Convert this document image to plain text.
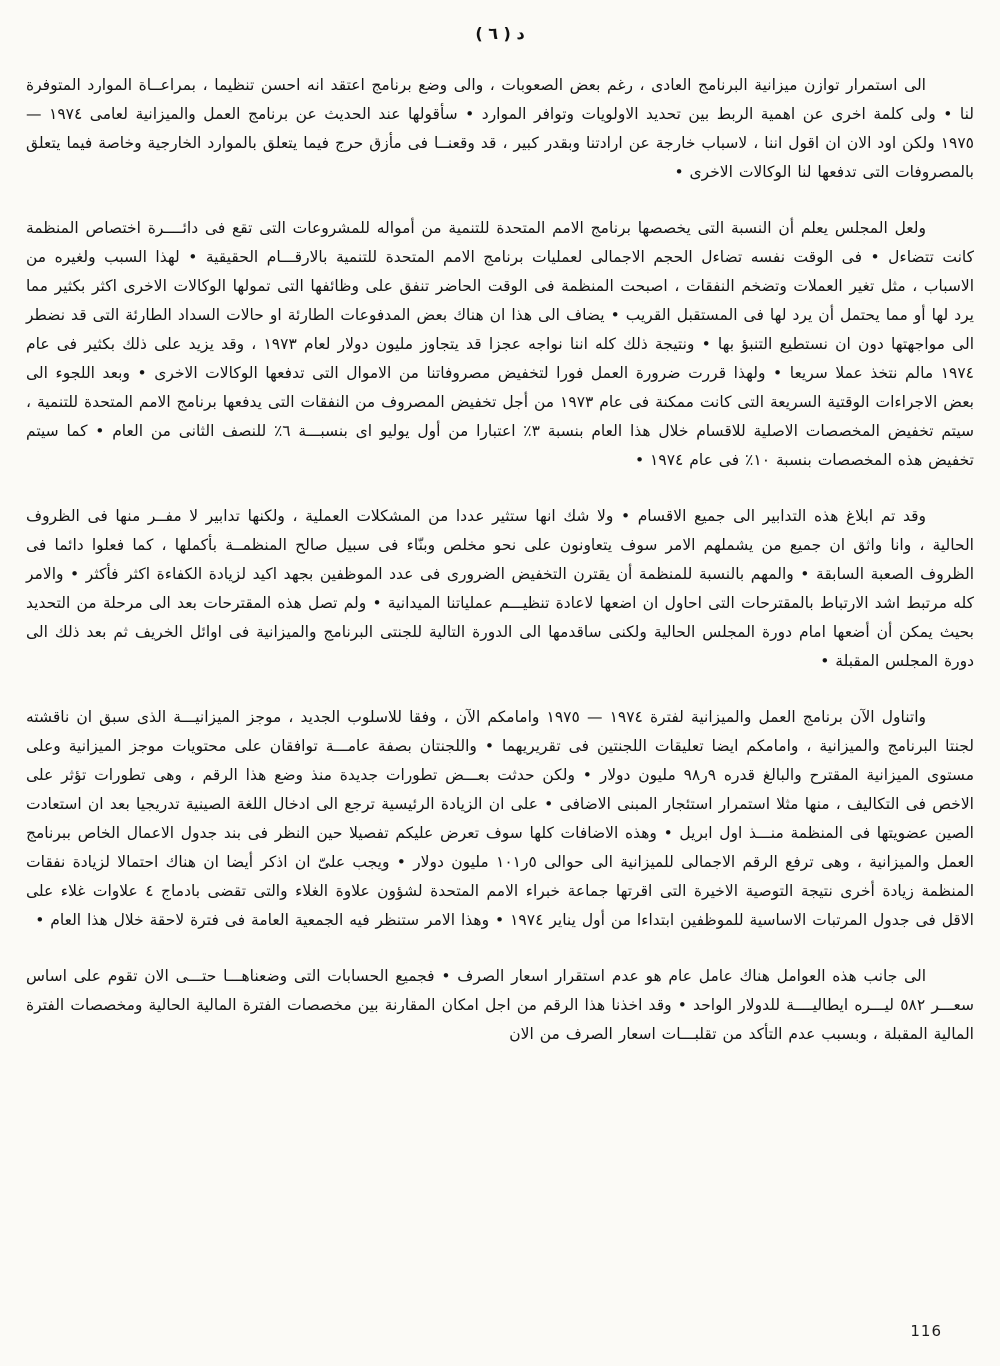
د ( ٦ )

الى استمرار توازن ميزانية البرنامج العادى ، رغم بعض الصعوبات ، والى وضع برنامج اعتقد انه احسن تنظيما ، بمراعــاة الموارد المتوفرة لنا • ولى كلمة اخرى عن اهمية الربط بين تحديد الاولويات وتوافر الموارد • سأقولها عند الحديث عن برنامج العمل والميزانية لعامى ١٩٧٤ — ١٩٧٥ ولكن اود الان ان اقول اننا ، لاسباب خارجة عن ارادتنا وبقدر كبير ، قد وقعنــا فى مأزق حرج فيما يتعلق بالموارد الخارجية وخاصة فيما يتعلق بالمصروفات التى تدفعها لنا الوكالات الاخرى •

ولعل المجلس يعلم أن النسبة التى يخصصها برنامج الامم المتحدة للتنمية من أمواله للمشروعات التى تقع فى دائــــرة اختصاص المنظمة كانت تتضاءل • فى الوقت نفسه تضاءل الحجم الاجمالى لعمليات برنامج الامم المتحدة للتنمية بالارقـــام الحقيقية • لهذا السبب ولغيره من الاسباب ، مثل تغير العملات وتضخم النفقات ، اصبحت المنظمة فى الوقت الحاضر تنفق على وظائفها التى تمولها الوكالات الاخرى اكثر بكثير مما يرد لها أو مما يحتمل أن يرد لها فى المستقبل القريب • يضاف الى هذا ان هناك بعض المدفوعات الطارئة او حالات السداد الطارئة التى قد نضطر الى مواجهتها دون ان نستطيع التنبؤ بها • ونتيجة ذلك كله اننا نواجه عجزا قد يتجاوز مليون دولار لعام ١٩٧٣ ، وقد يزيد على ذلك بكثير فى عام ١٩٧٤ مالم نتخذ عملا سريعا • ولهذا قررت ضرورة العمل فورا لتخفيض مصروفاتنا من الاموال التى تدفعها الوكالات الاخرى • وبعد اللجوء الى بعض الاجراءات الوقتية السريعة التى كانت ممكنة فى عام ١٩٧٣ من أجل تخفيض المصروف من النفقات التى يدفعها برنامج الامم المتحدة للتنمية ، سيتم تخفيض المخصصات الاصلية للاقسام خلال هذا العام بنسبة ٣٪ اعتبارا من أول يوليو اى بنسبـــة ٦٪ للنصف الثانى من العام • كما سيتم تخفيض هذه المخصصات بنسبة ١٠٪ فى عام ١٩٧٤ •

وقد تم ابلاغ هذه التدابير الى جميع الاقسام • ولا شك انها ستثير عددا من المشكلات العملية ، ولكنها تدابير لا مفــر منها فى الظروف الحالية ، وانا واثق ان جميع من يشملهم الامر سوف يتعاونون على نحو مخلص وبنّاء فى سبيل صالح المنظمــة بأكملها ، كما فعلوا دائما فى الظروف الصعبة السابقة • والمهم بالنسبة للمنظمة أن يقترن التخفيض الضرورى فى عدد الموظفين بجهد اكيد لزيادة الكفاءة اكثر فأكثر • والامر كله مرتبط اشد الارتباط بالمقترحات التى احاول ان اضعها لاعادة تنظيـــم عملياتنا الميدانية • ولم تصل هذه المقترحات بعد الى مرحلة من التحديد بحيث يمكن أن أضعها امام دورة المجلس الحالية ولكنى ساقدمها الى الدورة التالية للجنتى البرنامج والميزانية فى اوائل الخريف ثم بعد ذلك الى دورة المجلس المقبلة •

واتناول الآن برنامج العمل والميزانية لفترة ١٩٧٤ — ١٩٧٥ وامامكم الآن ، وفقا للاسلوب الجديد ، موجز الميزانيـــة الذى سبق ان ناقشته لجنتا البرنامج والميزانية ، وامامكم ايضا تعليقات اللجنتين فى تقريريهما • واللجنتان بصفة عامـــة توافقان على محتويات موجز الميزانية وعلى مستوى الميزانية المقترح والبالغ قدره ٩ر٩٨ مليون دولار • ولكن حدثت بعـــض تطورات جديدة منذ وضع هذا الرقم ، وهى تطورات تؤثر على الاخص فى التكاليف ، منها مثلا استمرار استئجار المبنى الاضافى • على ان الزيادة الرئيسية ترجع الى ادخال اللغة الصينية تدريجيا بعد ان استعادت الصين عضويتها فى المنظمة منـــذ اول ابريل • وهذه الاضافات كلها سوف تعرض عليكم تفصيلا حين النظر فى بند جدول الاعمال الخاص ببرنامج العمل والميزانية ، وهى ترفع الرقم الاجمالى للميزانية الى حوالى ٥ر١٠١ مليون دولار • ويجب علىّ ان اذكر أيضا ان هناك احتمالا لزيادة نفقات المنظمة زيادة أخرى نتيجة التوصية الاخيرة التى اقرتها جماعة خبراء الامم المتحدة لشؤون علاوة الغلاء والتى تقضى بادماج ٤ علاوات غلاء على الاقل فى جدول المرتبات الاساسية للموظفين ابتداءا من أول يناير ١٩٧٤ • وهذا الامر ستنظر فيه الجمعية العامة فى فترة لاحقة خلال هذا العام •

الى جانب هذه العوامل هناك عامل عام هو عدم استقرار اسعار الصرف • فجميع الحسابات التى وضعناهـــا حتـــى الان تقوم على اساس سعـــر ٥٨٢ ليـــره ايطاليــــة للدولار الواحد • وقد اخذنا هذا الرقم من اجل امكان المقارنة بين مخصصات الفترة المالية الحالية ومخصصات الفترة المالية المقبلة ، وبسبب عدم التأكد من تقلبـــات اسعار الصرف من الان

116
